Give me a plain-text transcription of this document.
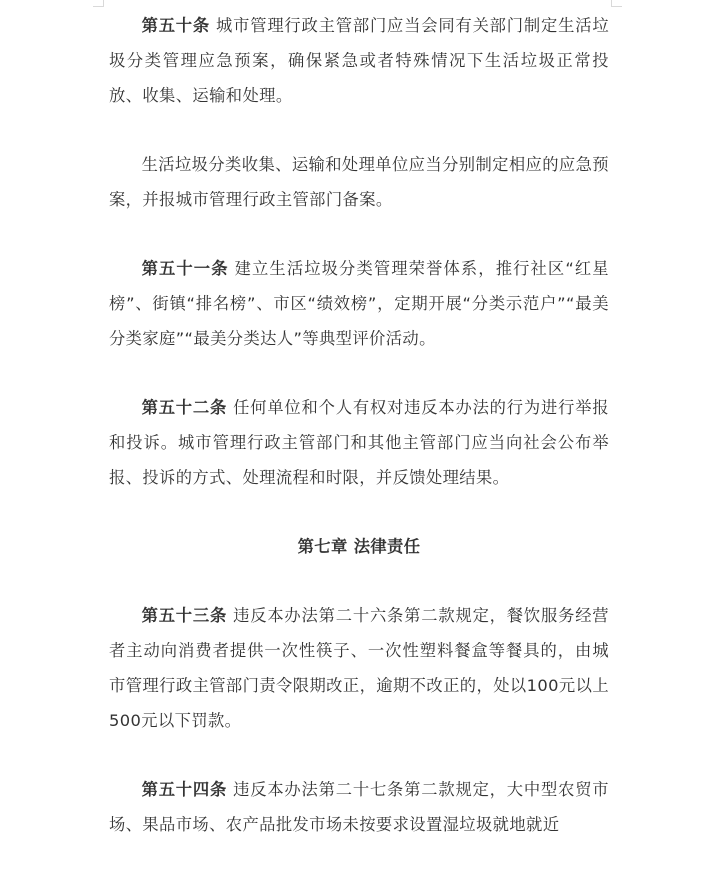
第五十条 城市管理行政主管部门应当会同有关部门制定生活垃圾分类管理应急预案，确保紧急或者特殊情况下生活垃圾正常投放、收集、运输和处理。

生活垃圾分类收集、运输和处理单位应当分别制定相应的应急预案，并报城市管理行政主管部门备案。

第五十一条 建立生活垃圾分类管理荣誉体系，推行社区“红星榜”、街镇“排名榜”、市区“绩效榜”，定期开展“分类示范户”“最美分类家庭”“最美分类达人”等典型评价活动。

第五十二条 任何单位和个人有权对违反本办法的行为进行举报和投诉。城市管理行政主管部门和其他主管部门应当向社会公布举报、投诉的方式、处理流程和时限，并反馈处理结果。

第七章 法律责任

第五十三条 违反本办法第二十六条第二款规定，餐饮服务经营者主动向消费者提供一次性筷子、一次性塑料餐盒等餐具的，由城市管理行政主管部门责令限期改正，逾期不改正的，处以100元以上500元以下罚款。

第五十四条 违反本办法第二十七条第二款规定，大中型农贸市场、果品市场、农产品批发市场未按要求设置湿垃圾就地就近
